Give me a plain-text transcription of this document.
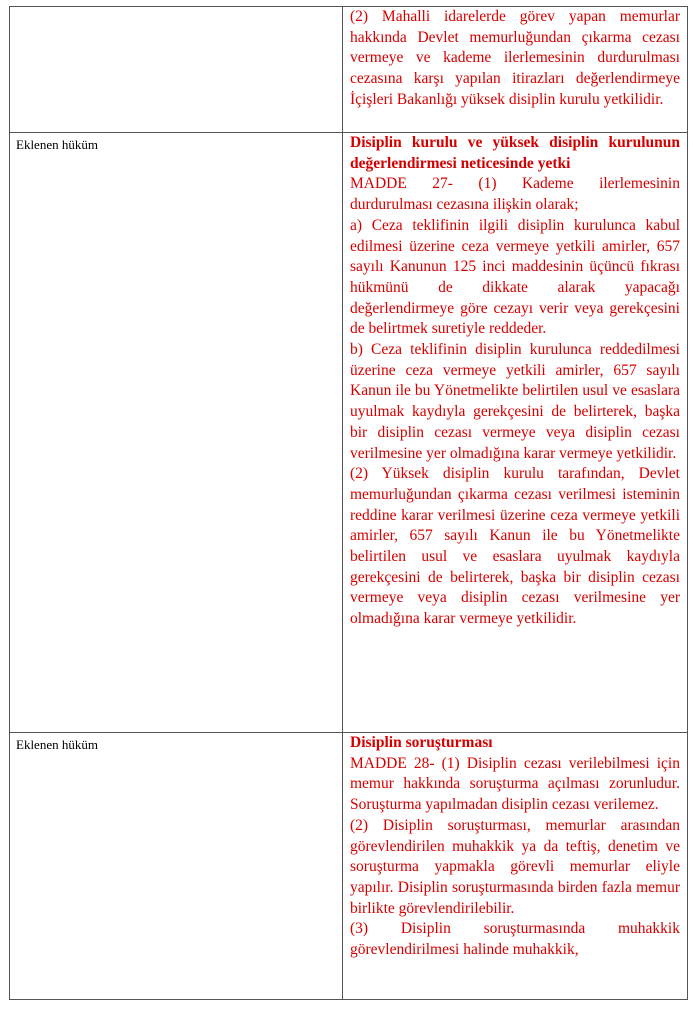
	(2) Mahalli idarelerde görev yapan memurlar hakkında Devlet memurluğundan çıkarma cezası vermeye ve kademe ilerlemesinin durdurulması cezasına karşı yapılan itirazları değerlendirmeye İçişleri Bakanlığı yüksek disiplin kurulu yetkilidir.

Eklenen hüküm	Disiplin kurulu ve yüksek disiplin kurulunun değerlendirmesi neticesinde yetki

MADDE 27- (1) Kademe ilerlemesinin durdurulması cezasına ilişkin olarak;

a) Ceza teklifinin ilgili disiplin kurulunca kabul edilmesi üzerine ceza vermeye yetkili amirler, 657 sayılı Kanunun 125 inci maddesinin üçüncü fıkrası hükmünü de dikkate alarak yapacağı değerlendirmeye göre cezayı verir veya gerekçesini de belirtmek suretiyle reddeder.

b) Ceza teklifinin disiplin kurulunca reddedilmesi üzerine ceza vermeye yetkili amirler, 657 sayılı Kanun ile bu Yönetmelikte belirtilen usul ve esaslara uyulmak kaydıyla gerekçesini de belirterek, başka bir disiplin cezası vermeye veya disiplin cezası verilmesine yer olmadığına karar vermeye yetkilidir.

(2) Yüksek disiplin kurulu tarafından, Devlet memurluğundan çıkarma cezası verilmesi isteminin reddine karar verilmesi üzerine ceza vermeye yetkili amirler, 657 sayılı Kanun ile bu Yönetmelikte belirtilen usul ve esaslara uyulmak kaydıyla gerekçesini de belirterek, başka bir disiplin cezası vermeye veya disiplin cezası verilmesine yer olmadığına karar vermeye yetkilidir.

Eklenen hüküm	Disiplin soruşturması

MADDE 28- (1) Disiplin cezası verilebilmesi için memur hakkında soruşturma açılması zorunludur. Soruşturma yapılmadan disiplin cezası verilemez.

(2) Disiplin soruşturması, memurlar arasından görevlendirilen muhakkik ya da teftiş, denetim ve soruşturma yapmakla görevli memurlar eliyle yapılır. Disiplin soruşturmasında birden fazla memur birlikte görevlendirilebilir.

(3) Disiplin soruşturmasında muhakkik görevlendirilmesi halinde muhakkik,
